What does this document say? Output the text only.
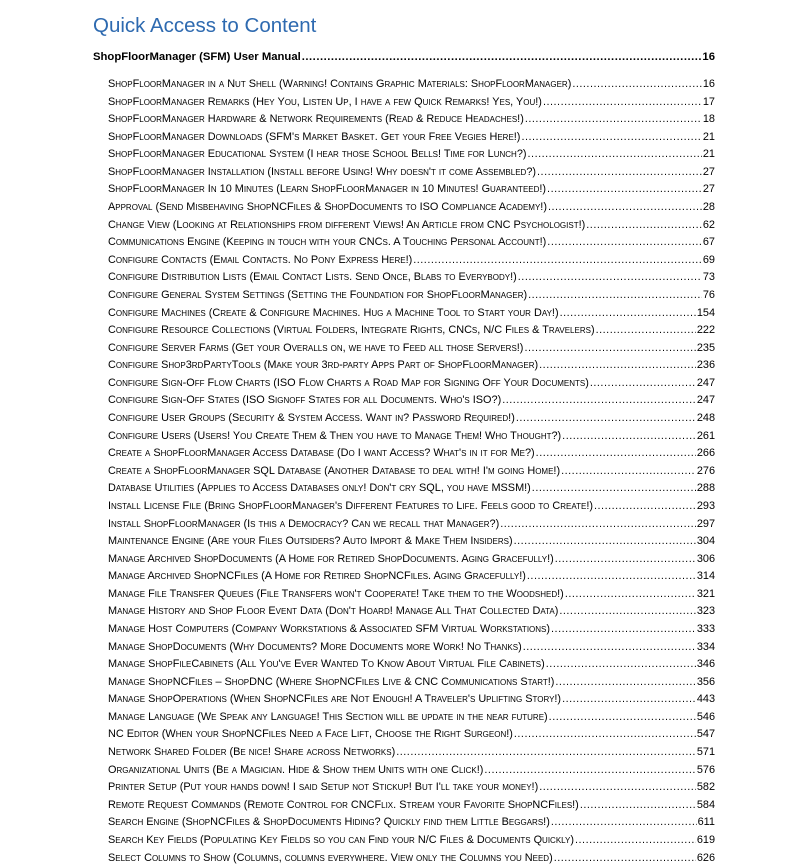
Quick Access to Content
ShopFloorManager (SFM) User Manual .....	16
ShopFloorManager in a Nut Shell (Warning! Contains Graphic Materials: ShopFloorManager) .....	16
ShopFloorManager Remarks (Hey You, Listen Up, I have a few Quick Remarks! Yes, You!) .....	17
ShopFloorManager Hardware & Network Requirements (Read & Reduce Headaches!) .....	18
ShopFloorManager Downloads (SFM's Market Basket. Get your Free Vegies Here!) .....	21
ShopFloorManager Educational System (I hear those School Bells! Time for Lunch?) .....	21
ShopFloorManager Installation (Install before Using! Why doesn't it come Assembled?) .....	27
ShopFloorManager In 10 Minutes (Learn ShopFloorManager in 10 Minutes! Guaranteed!) .....	27
Approval (Send Misbehaving ShopNCFiles & ShopDocuments to ISO Compliance Academy!) .....	28
Change View (Looking at Relationships from different Views! An Article from CNC Psychologist!) .....	62
Communications Engine (Keeping in touch with your CNCs. A Touching Personal Account!) .....	67
Configure Contacts (Email Contacts. No Pony Express Here!) .....	69
Configure Distribution Lists (Email Contact Lists. Send Once, Blabs to Everybody!) .....	73
Configure General System Settings (Setting the Foundation for ShopFloorManager) .....	76
Configure Machines (Create & Configure Machines. Hug a Machine Tool to Start your Day!) .....	154
Configure Resource Collections (Virtual Folders, Integrate Rights, CNCs, N/C Files & Travelers) .....	222
Configure Server Farms (Get your Overalls on, we have to Feed all those Servers!) .....	235
Configure Shop3rdPartyTools (Make your 3rd-party Apps Part of ShopFloorManager) .....	236
Configure Sign-Off Flow Charts (ISO Flow Charts a Road Map for Signing Off Your Documents) .....	247
Configure Sign-Off States (ISO Signoff States for all Documents. Who's ISO?) .....	247
Configure User Groups (Security & System Access. Want in? Password Required!) .....	248
Configure Users (Users! You Create Them & Then you have to Manage Them! Who Thought?) .....	261
Create a ShopFloorManager Access Database (Do I want Access? What's in it for Me?) .....	266
Create a ShopFloorManager SQL Database (Another Database to deal with! I'm going Home!) .....	276
Database Utilities (Applies to Access Databases only! Don't cry SQL, you have MSSM!) .....	288
Install License File (Bring ShopFloorManager's Different Features to Life. Feels good to Create!) .....	293
Install ShopFloorManager (Is this a Democracy? Can we recall that Manager?) .....	297
Maintenance Engine (Are your Files Outsiders? Auto Import & Make Them Insiders) .....	304
Manage Archived ShopDocuments (A Home for Retired ShopDocuments. Aging Gracefully!) .....	306
Manage Archived ShopNCFiles (A Home for Retired ShopNCFiles. Aging Gracefully!) .....	314
Manage File Transfer Queues (File Transfers won't Cooperate! Take them to the Woodshed!) .....	321
Manage History and Shop Floor Event Data (Don't Hoard! Manage All That Collected Data) .....	323
Manage Host Computers (Company Workstations & Associated SFM Virtual Workstations) .....	333
Manage ShopDocuments (Why Documents? More Documents more Work! No Thanks) .....	334
Manage ShopFileCabinets (All You've Ever Wanted To Know About Virtual File Cabinets) .....	346
Manage ShopNCFiles – ShopDNC (Where ShopNCFiles Live & CNC Communications Start!) .....	356
Manage ShopOperations (When ShopNCFiles are Not Enough! A Traveler's Uplifting Story!) .....	443
Manage Language (We Speak any Language! This Section will be update in the near future) .....	546
NC Editor (When your ShopNCFiles Need a Face Lift, Choose the Right Surgeon!) .....	547
Network Shared Folder (Be nice! Share across Networks) .....	571
Organizational Units (Be a Magician. Hide & Show them Units with one Click!) .....	576
Printer Setup (Put your hands down! I said Setup not Stickup! But I'll take your money!) .....	582
Remote Request Commands (Remote Control for CNCFlix. Stream your Favorite ShopNCFiles!) .....	584
Search Engine (ShopNCFiles & ShopDocuments Hiding? Quickly find them Little Beggars!) .....	611
Search Key Fields (Populating Key Fields so you can Find your N/C Files & Documents Quickly) .....	619
Select Columns to Show (Columns, columns everywhere. View only the Columns you Need) .....	626
